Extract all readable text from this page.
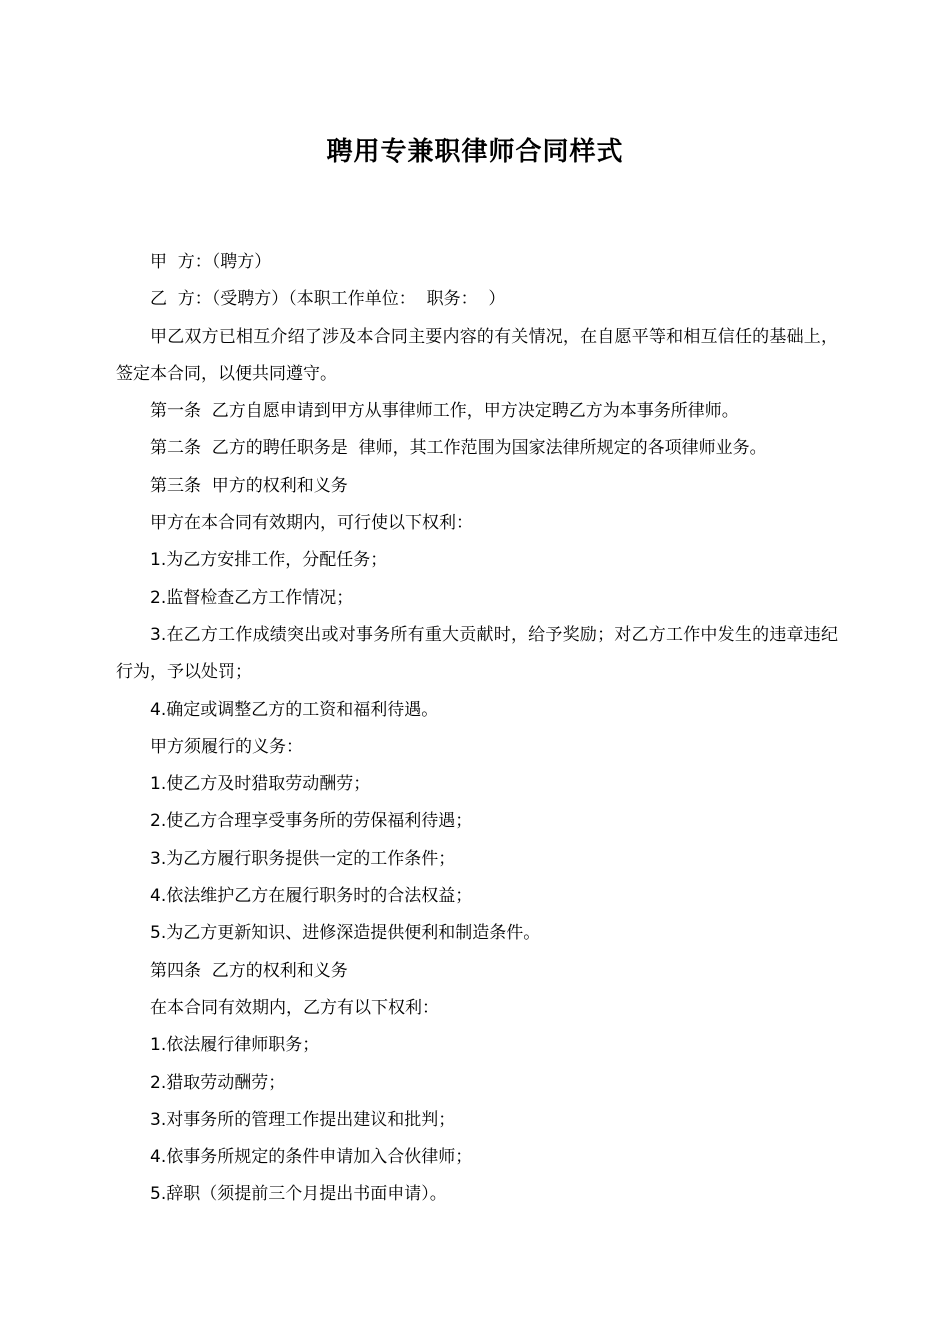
聘用专兼职律师合同样式

甲  方：（聘方）

乙  方：（受聘方）（本职工作单位：  职务：  ）

甲乙双方已相互介绍了涉及本合同主要内容的有关情况，在自愿平等和相互信任的基础上，签定本合同，以便共同遵守。

第一条  乙方自愿申请到甲方从事律师工作，甲方决定聘乙方为本事务所律师。

第二条  乙方的聘任职务是  律师，其工作范围为国家法律所规定的各项律师业务。

第三条  甲方的权利和义务

甲方在本合同有效期内，可行使以下权利：

1.为乙方安排工作，分配任务；

2.监督检查乙方工作情况；

3.在乙方工作成绩突出或对事务所有重大贡献时，给予奖励；对乙方工作中发生的违章违纪行为，予以处罚；

4.确定或调整乙方的工资和福利待遇。

甲方须履行的义务：

1.使乙方及时猎取劳动酬劳；

2.使乙方合理享受事务所的劳保福利待遇；

3.为乙方履行职务提供一定的工作条件；

4.依法维护乙方在履行职务时的合法权益；

5.为乙方更新知识、进修深造提供便利和制造条件。

第四条  乙方的权利和义务

在本合同有效期内，乙方有以下权利：

1.依法履行律师职务；

2.猎取劳动酬劳；

3.对事务所的管理工作提出建议和批判；

4.依事务所规定的条件申请加入合伙律师；

5.辞职（须提前三个月提出书面申请）。
